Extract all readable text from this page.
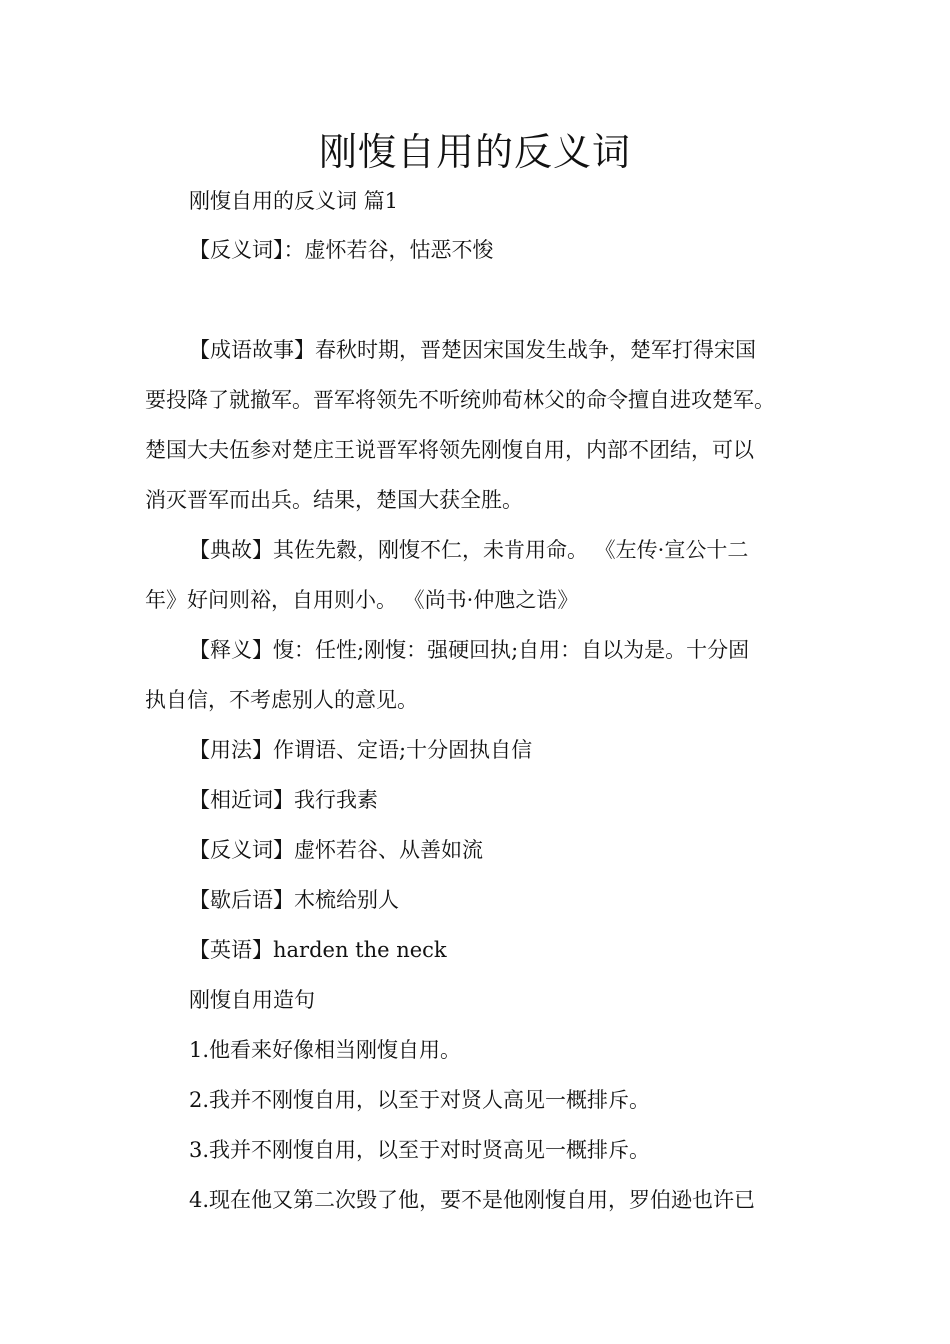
刚愎自用的反义词
刚愎自用的反义词 篇1
【反义词】：虚怀若谷，怙恶不悛
【成语故事】春秋时期，晋楚因宋国发生战争，楚军打得宋国
要投降了就撤军。晋军将领先不听统帅荀林父的命令擅自进攻楚军。
楚国大夫伍参对楚庄王说晋军将领先刚愎自用，内部不团结，可以
消灭晋军而出兵。结果，楚国大获全胜。
【典故】其佐先縠，刚愎不仁，未肯用命。 《左传·宣公十二
年》好问则裕，自用则小。 《尚书·仲虺之诰》
【释义】愎：任性;刚愎：强硬回执;自用：自以为是。十分固
执自信，不考虑别人的意见。
【用法】作谓语、定语;十分固执自信
【相近词】我行我素
【反义词】虚怀若谷、从善如流
【歇后语】木梳给别人
【英语】harden the neck
刚愎自用造句
1.他看来好像相当刚愎自用。
2.我并不刚愎自用，以至于对贤人高见一概排斥。
3.我并不刚愎自用，以至于对时贤高见一概排斥。
4.现在他又第二次毁了他，要不是他刚愎自用，罗伯逊也许已
